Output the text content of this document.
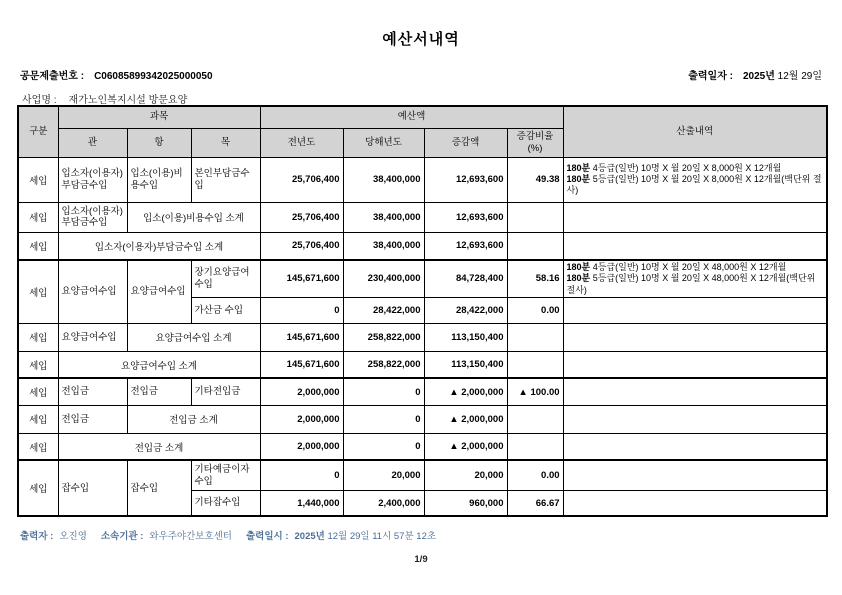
예산서내역
공문제출번호 : C06085899342025000050	출력일자 : 2025년 12월 29일
사업명 : 재가노인복지시설 방문요양
구분	과목			예산액				산출내역
	관	항	목	전년도	당해년도	증감액	증감비율
(%)	

세입	입소자(이용자)부담금수입	입소(이용)비용수입	본인부담금수입	25,706,400	38,400,000	12,693,600	49.38	180분 4등급(일반) 10명 X 월 20일 X 8,000원 X 12개월
180분 5등급(일반) 10명 X 월 20일 X 8,000원 X 12개월(백단위 절사)

세입	입소자(이용자)부담금수입	입소(이용)비용수입 소계		25,706,400	38,400,000	12,693,600		
세입	입소자(이용자)부담금수입 소계			25,706,400	38,400,000	12,693,600		
세입	요양급여수입	요양급여수입	장기요양급여수입	145,671,600	230,400,000	84,728,400	58.16	180분 4등급(일반) 10명 X 월 20일 X 48,000원 X 12개월
180분 5등급(일반) 10명 X 월 20일 X 48,000원 X 12개월(백단위 절사)

			가산금 수입	0	28,422,000	28,422,000	0.00	
세입	요양급여수입	요양급여수입 소계		145,671,600	258,822,000	113,150,400		
세입	요양급여수입 소계			145,671,600	258,822,000	113,150,400		
세입	전입금	전입금	기타전입금	2,000,000	0	▲ 2,000,000	▲ 100.00	
세입	전입금	전입금 소계		2,000,000	0	▲ 2,000,000		
세입	전입금 소계			2,000,000	0	▲ 2,000,000		
세입	잡수입	잡수입	기타예금이자수입	0	20,000	20,000	0.00	
			기타잡수입	1,440,000	2,400,000	960,000	66.67	
출력자 : 오진영 소속기관 : 와우주야간보호센터 출력일시 : 2025년 12월 29일 11시 57분 12초
1/9
